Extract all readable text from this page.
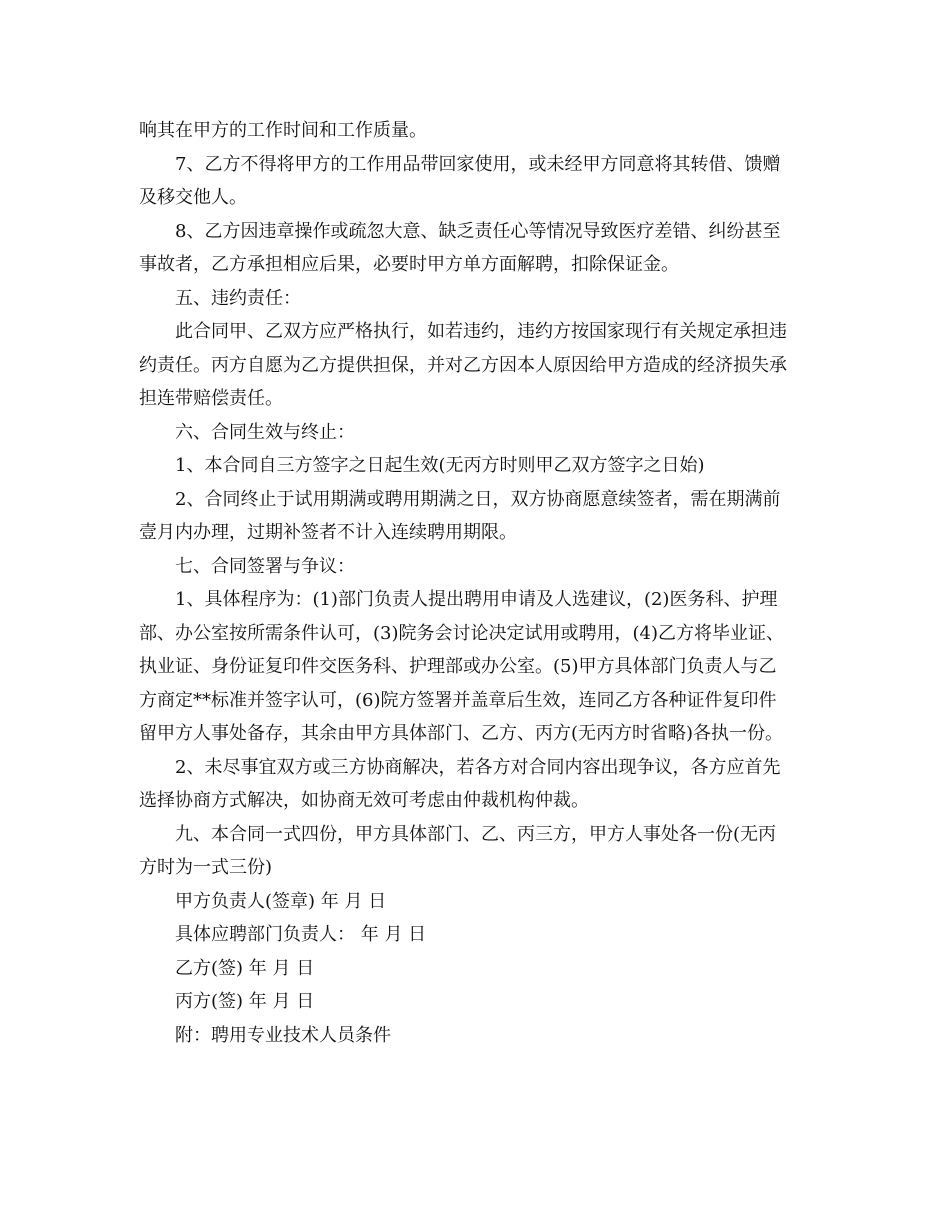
响其在甲方的工作时间和工作质量。
7、乙方不得将甲方的工作用品带回家使用，或未经甲方同意将其转借、馈赠
及移交他人。
8、乙方因违章操作或疏忽大意、缺乏责任心等情况导致医疗差错、纠纷甚至
事故者，乙方承担相应后果，必要时甲方单方面解聘，扣除保证金。
五、违约责任：
此合同甲、乙双方应严格执行，如若违约，违约方按国家现行有关规定承担违
约责任。丙方自愿为乙方提供担保，并对乙方因本人原因给甲方造成的经济损失承
担连带赔偿责任。
六、合同生效与终止：
1、本合同自三方签字之日起生效(无丙方时则甲乙双方签字之日始)
2、合同终止于试用期满或聘用期满之日，双方协商愿意续签者，需在期满前
壹月内办理，过期补签者不计入连续聘用期限。
七、合同签署与争议：
1、具体程序为：(1)部门负责人提出聘用申请及人选建议，(2)医务科、护理
部、办公室按所需条件认可，(3)院务会讨论决定试用或聘用，(4)乙方将毕业证、
执业证、身份证复印件交医务科、护理部或办公室。(5)甲方具体部门负责人与乙
方商定**标准并签字认可，(6)院方签署并盖章后生效，连同乙方各种证件复印件
留甲方人事处备存，其余由甲方具体部门、乙方、丙方(无丙方时省略)各执一份。
2、未尽事宜双方或三方协商解决，若各方对合同内容出现争议，各方应首先
选择协商方式解决，如协商无效可考虑由仲裁机构仲裁。
九、本合同一式四份，甲方具体部门、乙、丙三方，甲方人事处各一份(无丙
方时为一式三份)
甲方负责人(签章) 年 月 日
具体应聘部门负责人： 年 月 日
乙方(签) 年 月 日
丙方(签) 年 月 日
附：聘用专业技术人员条件
